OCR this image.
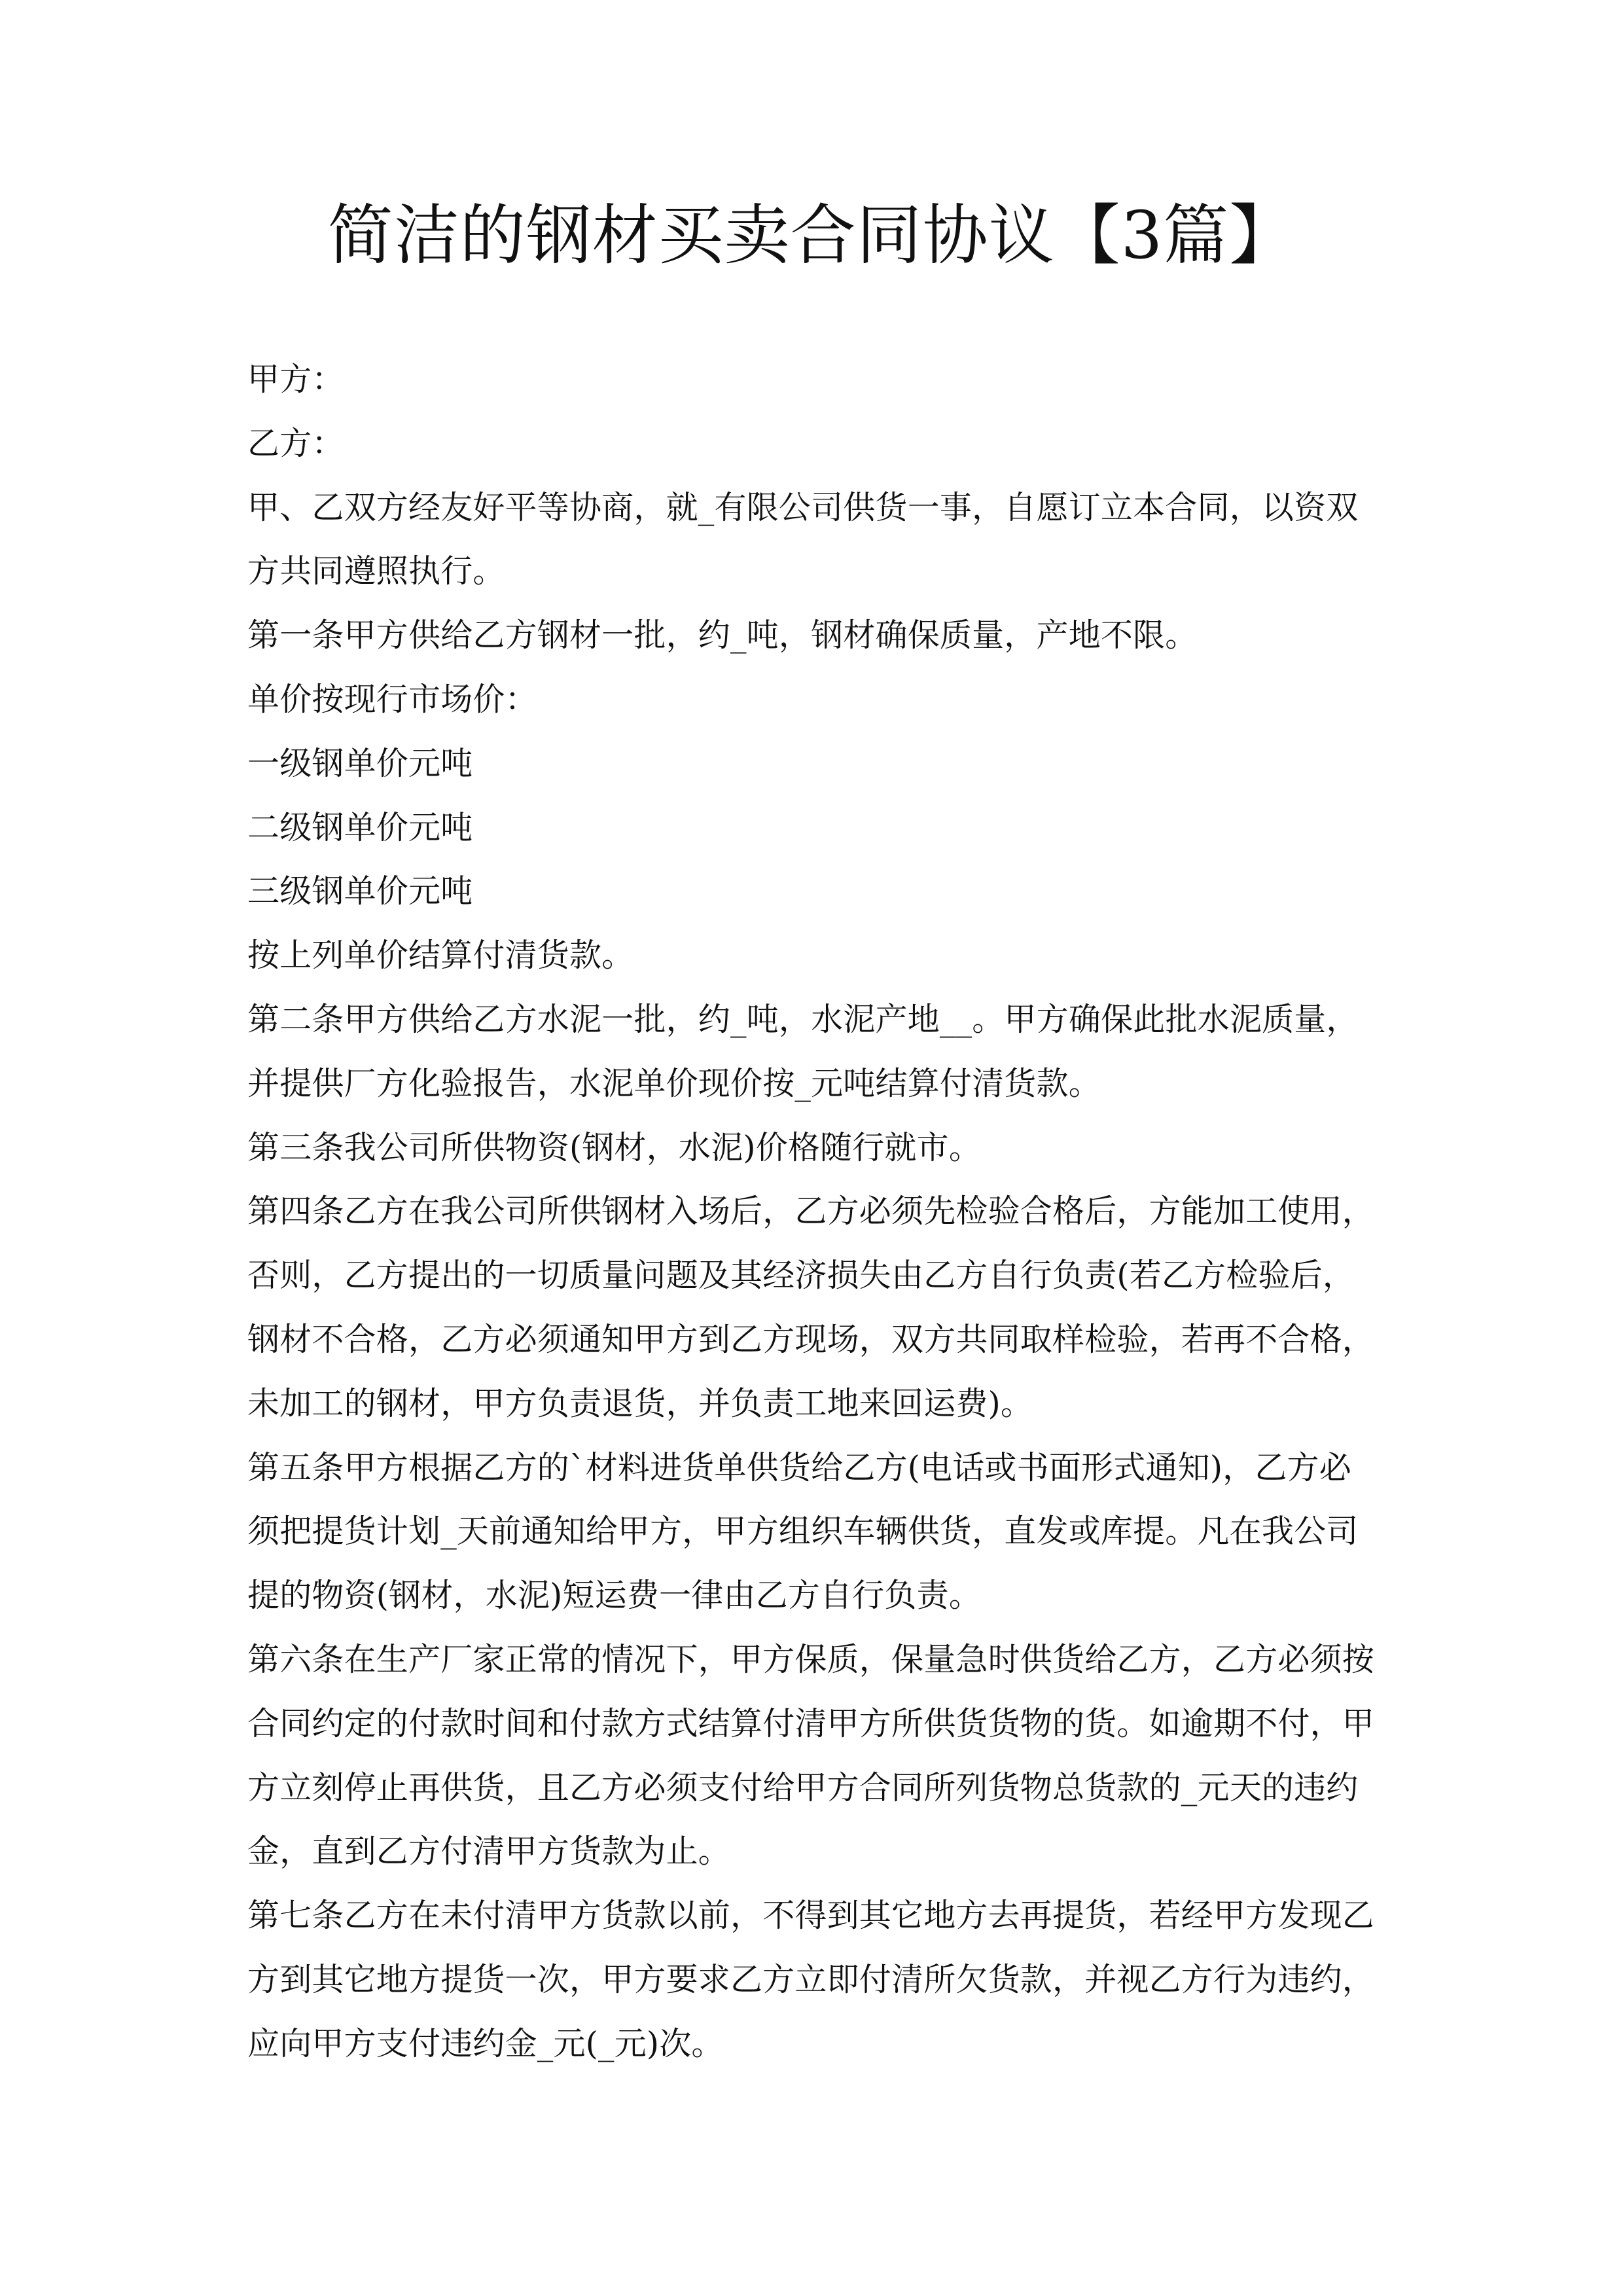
简洁的钢材买卖合同协议【3篇】
甲方：
乙方：
甲、乙双方经友好平等协商，就_有限公司供货一事，自愿订立本合同，以资双
方共同遵照执行。
第一条甲方供给乙方钢材一批，约_吨，钢材确保质量，产地不限。
单价按现行市场价：
一级钢单价元吨
二级钢单价元吨
三级钢单价元吨
按上列单价结算付清货款。
第二条甲方供给乙方水泥一批，约_吨，水泥产地__。甲方确保此批水泥质量，
并提供厂方化验报告，水泥单价现价按_元吨结算付清货款。
第三条我公司所供物资(钢材，水泥)价格随行就市。
第四条乙方在我公司所供钢材入场后，乙方必须先检验合格后，方能加工使用，
否则，乙方提出的一切质量问题及其经济损失由乙方自行负责(若乙方检验后，
钢材不合格，乙方必须通知甲方到乙方现场，双方共同取样检验，若再不合格，
未加工的钢材，甲方负责退货，并负责工地来回运费)。
第五条甲方根据乙方的`材料进货单供货给乙方(电话或书面形式通知)，乙方必
须把提货计划_天前通知给甲方，甲方组织车辆供货，直发或库提。凡在我公司
提的物资(钢材，水泥)短运费一律由乙方自行负责。
第六条在生产厂家正常的情况下，甲方保质，保量急时供货给乙方，乙方必须按
合同约定的付款时间和付款方式结算付清甲方所供货货物的货。如逾期不付，甲
方立刻停止再供货，且乙方必须支付给甲方合同所列货物总货款的_元天的违约
金，直到乙方付清甲方货款为止。
第七条乙方在未付清甲方货款以前，不得到其它地方去再提货，若经甲方发现乙
方到其它地方提货一次，甲方要求乙方立即付清所欠货款，并视乙方行为违约，
应向甲方支付违约金_元(_元)次。
